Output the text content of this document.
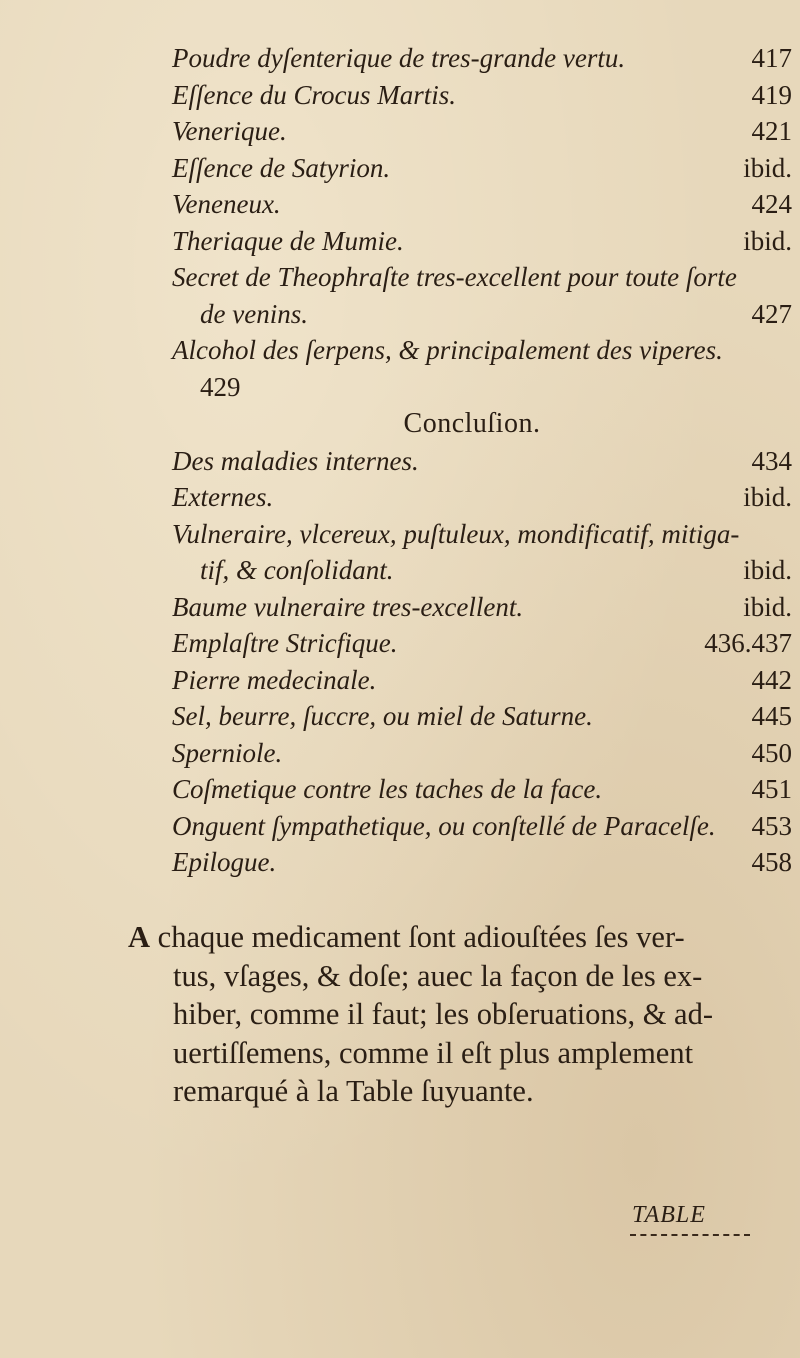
Poudre dyſenterique de tres-grande vertu.	417
Eſſence du Crocus Martis.	419
Venerique.	421
Eſſence de Satyrion.	ibid.
Veneneux.	424
Theriaque de Mumie.	ibid.
Secret de Theophraſte tres-excellent pour toute ſorte
de venins.	427
Alcohol des ſerpens, & principalement des viperes.
429
Concluſion.
Des maladies internes.	434
Externes.	ibid.
Vulneraire, vlcereux, puſtuleux, mondificatif, mitiga-
tif, & conſolidant.	ibid.
Baume vulneraire tres-excellent.	ibid.
Emplaſtre Stricfique.	436.437
Pierre medecinale.	442
Sel, beurre, ſuccre, ou miel de Saturne.	445
Sperniole.	450
Coſmetique contre les taches de la face.	451
Onguent ſympathetique, ou conſtellé de Paracelſe. 453
Epilogue.	458
A chaque medicament ſont adiouſtées ſes ver-
tus, vſages, & doſe; auec la façon de les ex-
hiber, comme il faut; les obſeruations, & ad-
uertiſſemens, comme il eſt plus amplement
remarqué à la Table ſuyuante.
TABLE
